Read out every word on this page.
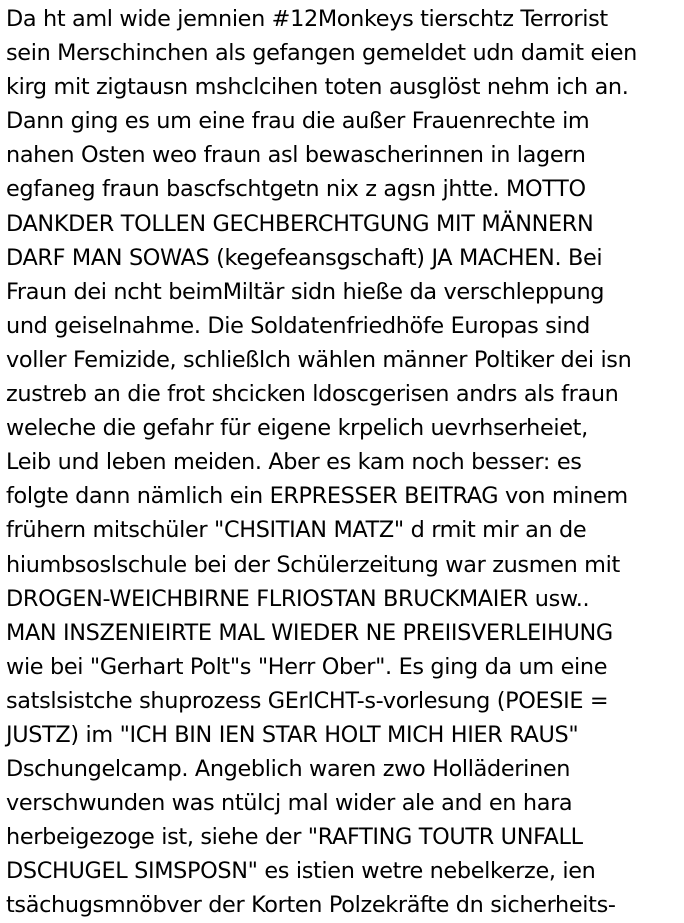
Da ht aml wide jemnien #12Monkeys tierschtz Terrorist
sein Merschinchen als gefangen gemeldet udn damit eien
kirg mit zigtausn mshclcihen toten ausglöst nehm ich an.
Dann ging es um eine frau die außer Frauenrechte im
nahen Osten weo fraun asl bewascherinnen in lagern
egfaneg fraun bascfschtgetn nix z agsn jhtte. MOTTO
DANKDER TOLLEN GECHBERCHTGUNG MIT MÄNNERN
DARF MAN SOWAS (kegefeansgschaft) JA MACHEN. Bei
Fraun dei ncht beimMiltär sidn hieße da verschleppung
und geiselnahme. Die Soldatenfriedhöfe Europas sind
voller Femizide, schließlch wählen männer Poltiker dei isn
zustreb an die frot shcicken ldoscgerisen andrs als fraun
weleche die gefahr für eigene krpelich uevrhserheiet,
Leib und leben meiden. Aber es kam noch besser: es
folgte dann nämlich ein ERPRESSER BEITRAG von minem
frühern mitschüler "CHSITIAN MATZ" d rmit mir an de
hiumbsoslschule bei der Schülerzeitung war zusmen mit
DROGEN-WEICHBIRNE FLRIOSTAN BRUCKMAIER usw..
MAN INSZENIEIRTE MAL WIEDER NE PREIISVERLEIHUNG
wie bei "Gerhart Polt"s "Herr Ober". Es ging da um eine
satslsistche shuprozess GErICHT-s-vorlesung (POESIE =
JUSTZ) im "ICH BIN IEN STAR HOLT MICH HIER RAUS"
Dschungelcamp. Angeblich waren zwo Holläderinen
verschwunden was ntülcj mal wider ale and en hara
herbeigezoge ist, siehe der "RAFTING TOUTR UNFALL
DSCHUGEL SIMSPOSN" es istien wetre nebelkerze, ien
tsächugsmnöbver der Korten Polzekräfte dn sicherheits-
